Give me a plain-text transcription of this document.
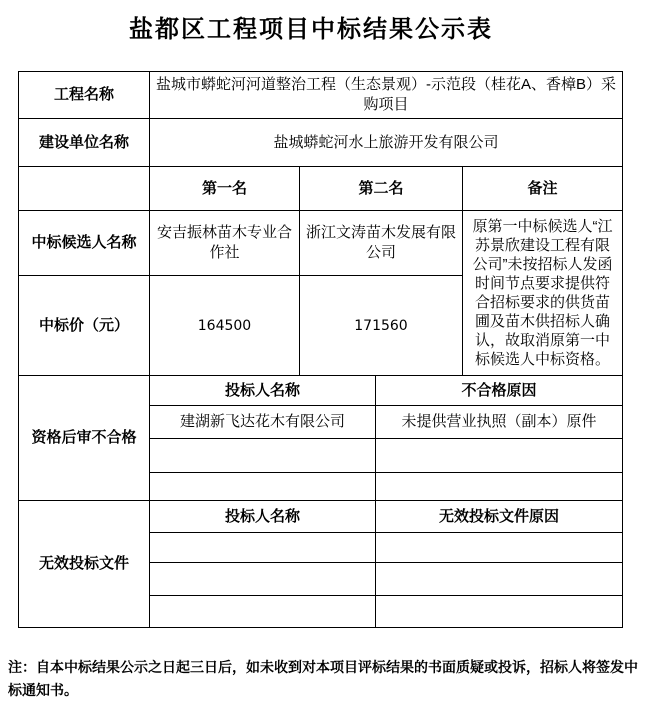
盐都区工程项目中标结果公示表
工程名称	盐城市蟒蛇河河道整治工程（生态景观）-示范段（桂花A、香樟B）采购项目		
建设单位名称	盐城蟒蛇河水上旅游开发有限公司		
	第一名	第二名	备注
中标候选人名称	安吉振林苗木专业合作社	浙江文涛苗木发展有限公司	原第一中标候选人“江苏景欣建设工程有限公司”未按招标人发函时间节点要求提供符合招标要求的供货苗圃及苗木供招标人确认，故取消原第一中标候选人中标资格。
中标价（元）	164500	171560	
资格后审不合格	投标人名称	不合格原因
	建湖新飞达花木有限公司	未提供营业执照（副本）原件

无效投标文件	投标人名称	无效投标文件原因

注：自本中标结果公示之日起三日后，如未收到对本项目评标结果的书面质疑或投诉，招标人将签发中标通知书。
